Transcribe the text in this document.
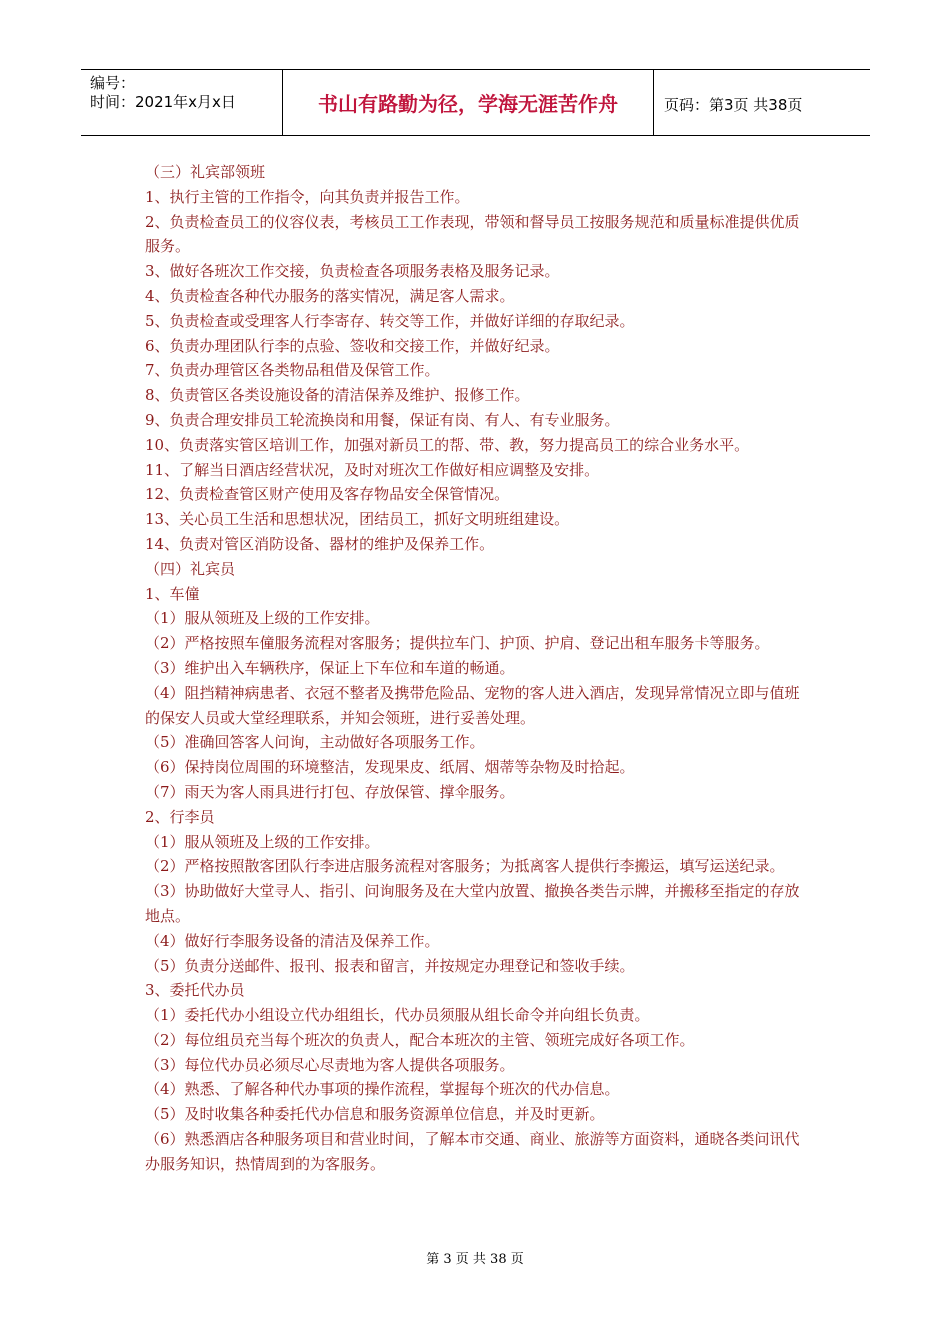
编号：
时间：2021年x月x日	书山有路勤为径，学海无涯苦作舟	页码：第3页 共38页

（三）礼宾部领班

1、执行主管的工作指令，向其负责并报告工作。

2、负责检查员工的仪容仪表，考核员工工作表现，带领和督导员工按服务规范和质量标准提供优质服务。

3、做好各班次工作交接，负责检查各项服务表格及服务记录。

4、负责检查各种代办服务的落实情况，满足客人需求。

5、负责检查或受理客人行李寄存、转交等工作，并做好详细的存取纪录。

6、负责办理团队行李的点验、签收和交接工作，并做好纪录。

7、负责办理管区各类物品租借及保管工作。

8、负责管区各类设施设备的清洁保养及维护、报修工作。

9、负责合理安排员工轮流换岗和用餐，保证有岗、有人、有专业服务。

10、负责落实管区培训工作，加强对新员工的帮、带、教，努力提高员工的综合业务水平。

11、了解当日酒店经营状况，及时对班次工作做好相应调整及安排。

12、负责检查管区财产使用及客存物品安全保管情况。

13、关心员工生活和思想状况，团结员工，抓好文明班组建设。

14、负责对管区消防设备、器材的维护及保养工作。

（四）礼宾员

1、车僮

（1）服从领班及上级的工作安排。

（2）严格按照车僮服务流程对客服务；提供拉车门、护顶、护肩、登记出租车服务卡等服务。

（3）维护出入车辆秩序，保证上下车位和车道的畅通。

（4）阻挡精神病患者、衣冠不整者及携带危险品、宠物的客人进入酒店，发现异常情况立即与值班的保安人员或大堂经理联系，并知会领班，进行妥善处理。

（5）准确回答客人问询，主动做好各项服务工作。

（6）保持岗位周围的环境整洁，发现果皮、纸屑、烟蒂等杂物及时拾起。

（7）雨天为客人雨具进行打包、存放保管、撑伞服务。

2、行李员

（1）服从领班及上级的工作安排。

（2）严格按照散客团队行李进店服务流程对客服务；为抵离客人提供行李搬运，填写运送纪录。

（3）协助做好大堂寻人、指引、问询服务及在大堂内放置、撤换各类告示牌，并搬移至指定的存放地点。

（4）做好行李服务设备的清洁及保养工作。

（5）负责分送邮件、报刊、报表和留言，并按规定办理登记和签收手续。

3、委托代办员

（1）委托代办小组设立代办组组长，代办员须服从组长命令并向组长负责。

（2）每位组员充当每个班次的负责人，配合本班次的主管、领班完成好各项工作。

（3）每位代办员必须尽心尽责地为客人提供各项服务。

（4）熟悉、了解各种代办事项的操作流程，掌握每个班次的代办信息。

（5）及时收集各种委托代办信息和服务资源单位信息，并及时更新。

（6）熟悉酒店各种服务项目和营业时间，了解本市交通、商业、旅游等方面资料，通晓各类问讯代办服务知识，热情周到的为客服务。

第 3 页 共 38 页
